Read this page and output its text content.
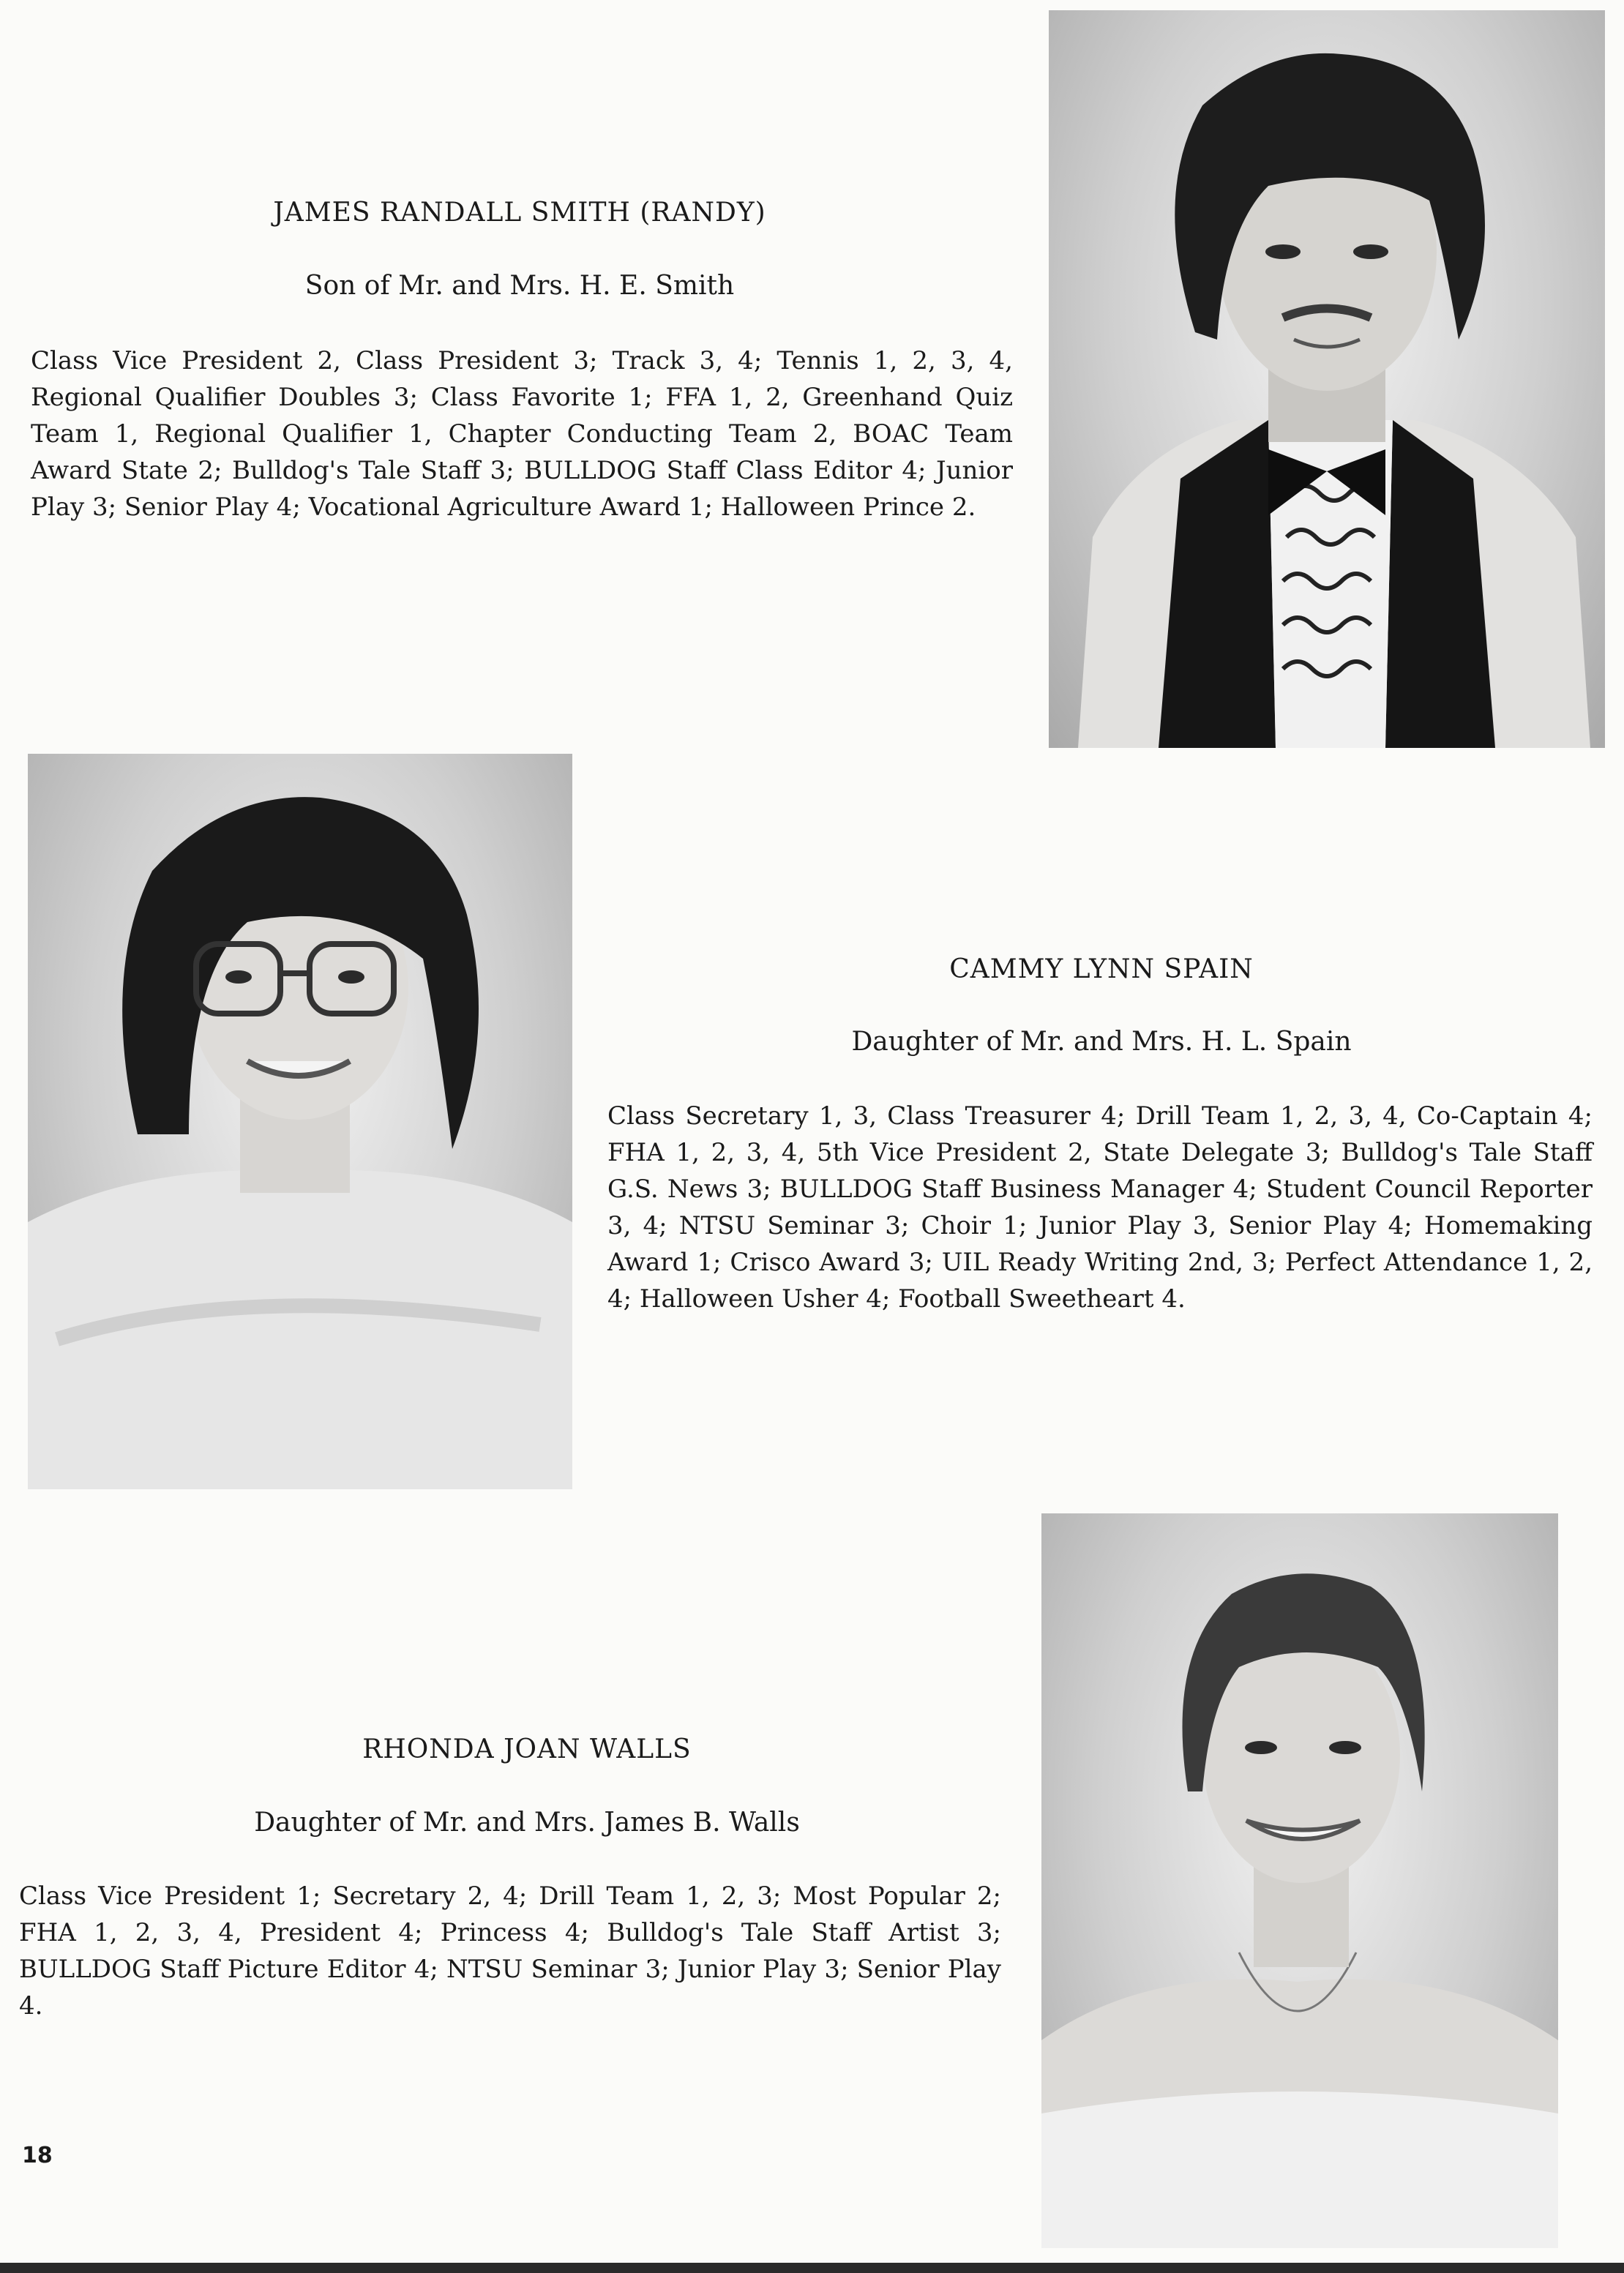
JAMES RANDALL SMITH (RANDY)
Son of Mr. and Mrs. H. E. Smith

Class Vice President 2, Class President 3; Track 3, 4; Tennis 1, 2, 3, 4, Regional Qualifier Doubles 3; Class Favorite 1; FFA 1, 2, Greenhand Quiz Team 1, Regional Qualifier 1, Chapter Conducting Team 2, BOAC Team Award State 2; Bulldog's Tale Staff 3; BULLDOG Staff Class Editor 4; Junior Play 3; Senior Play 4; Vocational Agriculture Award 1; Halloween Prince 2.

CAMMY LYNN SPAIN
Daughter of Mr. and Mrs. H. L. Spain

Class Secretary 1, 3, Class Treasurer 4; Drill Team 1, 2, 3, 4, Co-Captain 4; FHA 1, 2, 3, 4, 5th Vice President 2, State Delegate 3; Bulldog's Tale Staff G.S. News 3; BULLDOG Staff Business Manager 4; Student Council Reporter 3, 4; NTSU Seminar 3; Choir 1; Junior Play 3, Senior Play 4; Homemaking Award 1; Crisco Award 3; UIL Ready Writing 2nd, 3; Perfect Attendance 1, 2, 4; Halloween Usher 4; Football Sweetheart 4.

RHONDA JOAN WALLS
Daughter of Mr. and Mrs. James B. Walls

Class Vice President 1; Secretary 2, 4; Drill Team 1, 2, 3; Most Popular 2; FHA 1, 2, 3, 4, President 4; Princess 4; Bulldog's Tale Staff Artist 3; BULLDOG Staff Picture Editor 4; NTSU Seminar 3; Junior Play 3; Senior Play 4.

18
